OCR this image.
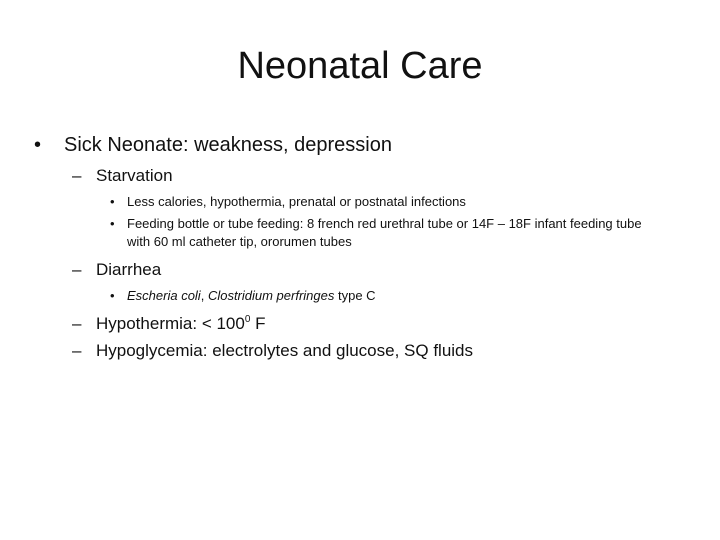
Neonatal Care
• Sick Neonate: weakness, depression
– Starvation
• Less calories, hypothermia, prenatal or postnatal infections
• Feeding bottle or tube feeding: 8 french red urethral tube or 14F – 18F infant feeding tube with 60 ml catheter tip, ororumen tubes
– Diarrhea
• Escheria coli, Clostridium perfringes type C
– Hypothermia: < $100^0$ F
– Hypoglycemia: electrolytes and glucose, SQ fluids
